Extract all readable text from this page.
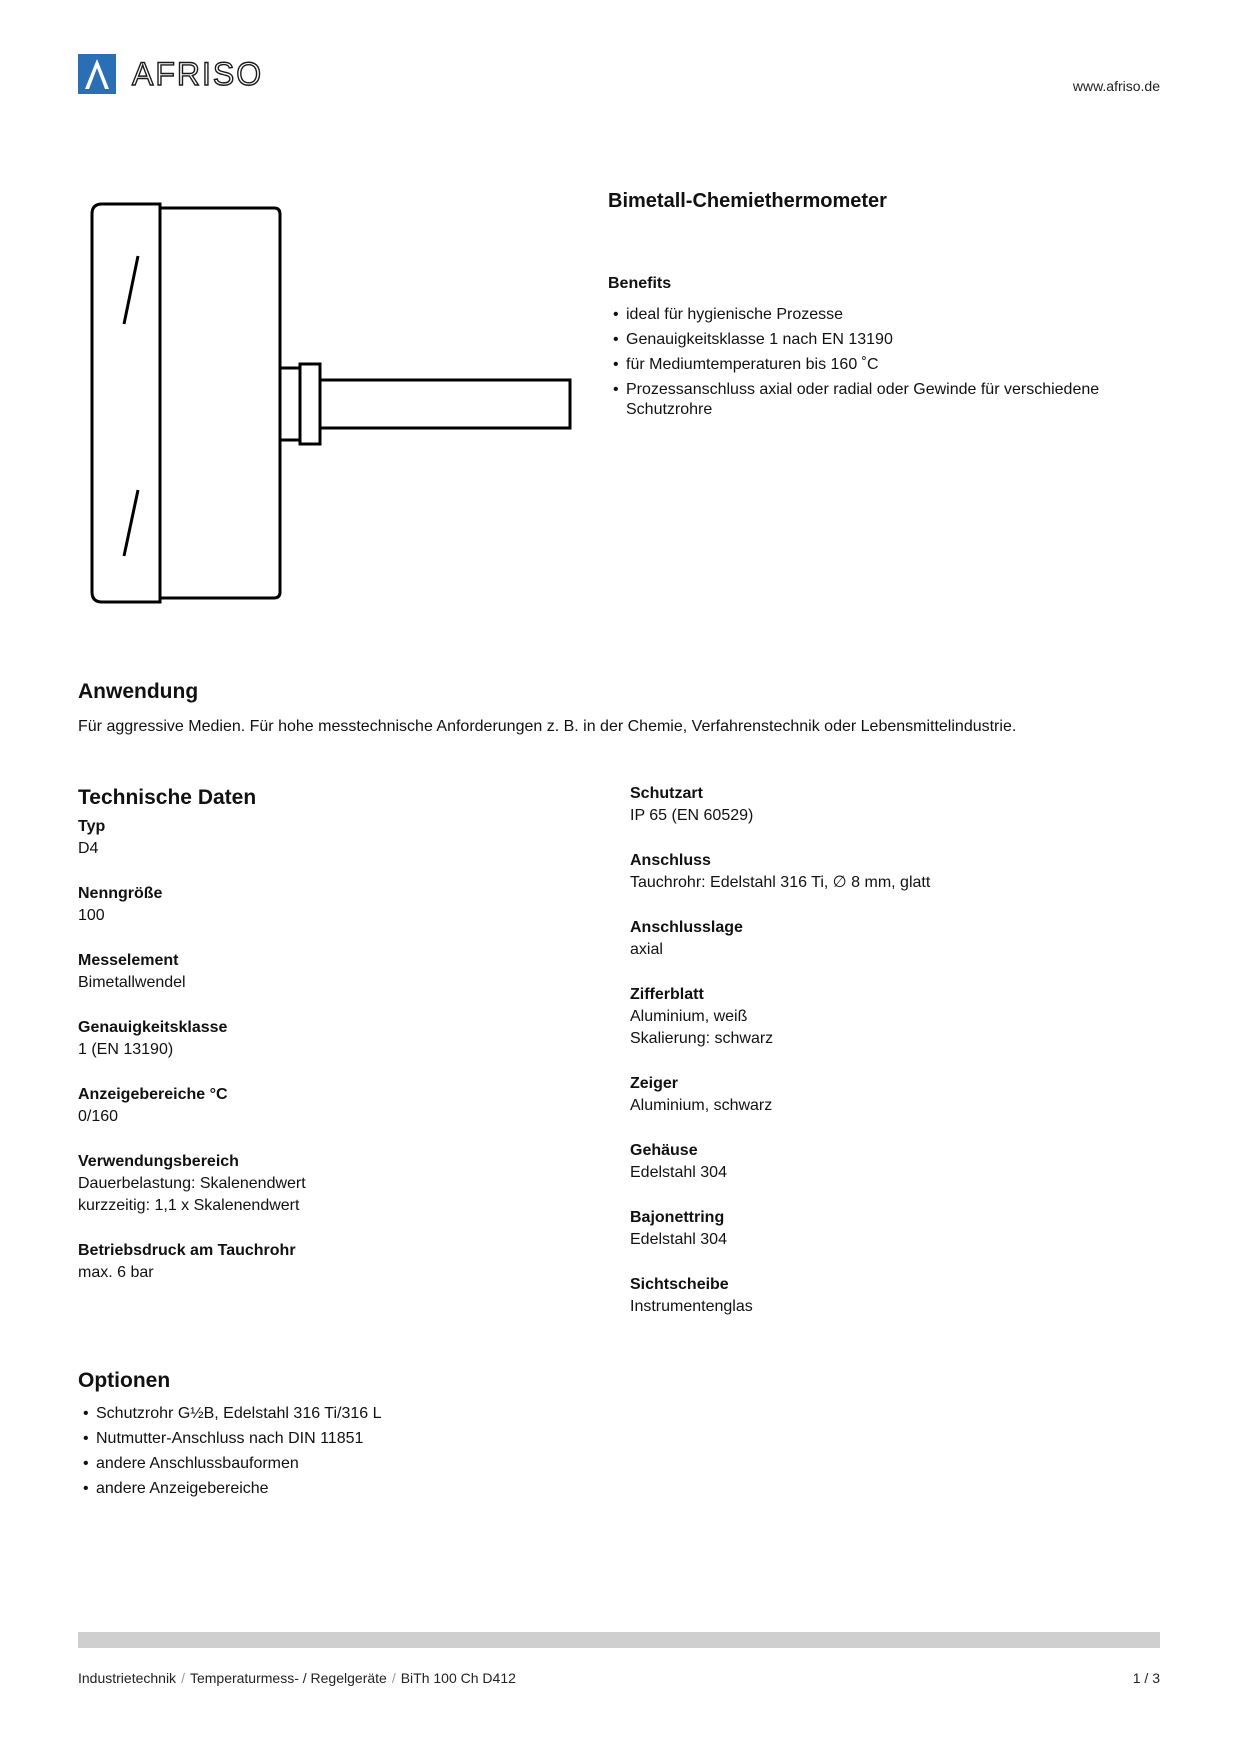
AFRISO	www.afriso.de
Bimetall-Chemiethermometer
Benefits
• ideal für hygienische Prozesse
• Genauigkeitsklasse 1 nach EN 13190
• für Mediumtemperaturen bis 160 ˚C
• Prozessanschluss axial oder radial oder Gewinde für verschiedene Schutzrohre
Anwendung
Für aggressive Medien. Für hohe messtechnische Anforderungen z. B. in der Chemie, Verfahrenstechnik oder Lebensmittelindustrie.
Technische Daten
Typ
D4
Nenngröße
100
Messelement
Bimetallwendel
Genauigkeitsklasse
1 (EN 13190)
Anzeigebereiche °C
0/160
Verwendungsbereich
Dauerbelastung: Skalenendwert
kurzzeitig: 1,1 x Skalenendwert
Betriebsdruck am Tauchrohr
max. 6 bar
Schutzart
IP 65 (EN 60529)
Anschluss
Tauchrohr: Edelstahl 316 Ti, ∅ 8 mm, glatt
Anschlusslage
axial
Zifferblatt
Aluminium, weiß
Skalierung: schwarz
Zeiger
Aluminium, schwarz
Gehäuse
Edelstahl 304
Bajonettring
Edelstahl 304
Sichtscheibe
Instrumentenglas
Optionen
• Schutzrohr G½B, Edelstahl 316 Ti/316 L
• Nutmutter-Anschluss nach DIN 11851
• andere Anschlussbauformen
• andere Anzeigebereiche
Industrietechnik / Temperaturmess- / Regelgeräte / BiTh 100 Ch D412	1 / 3
